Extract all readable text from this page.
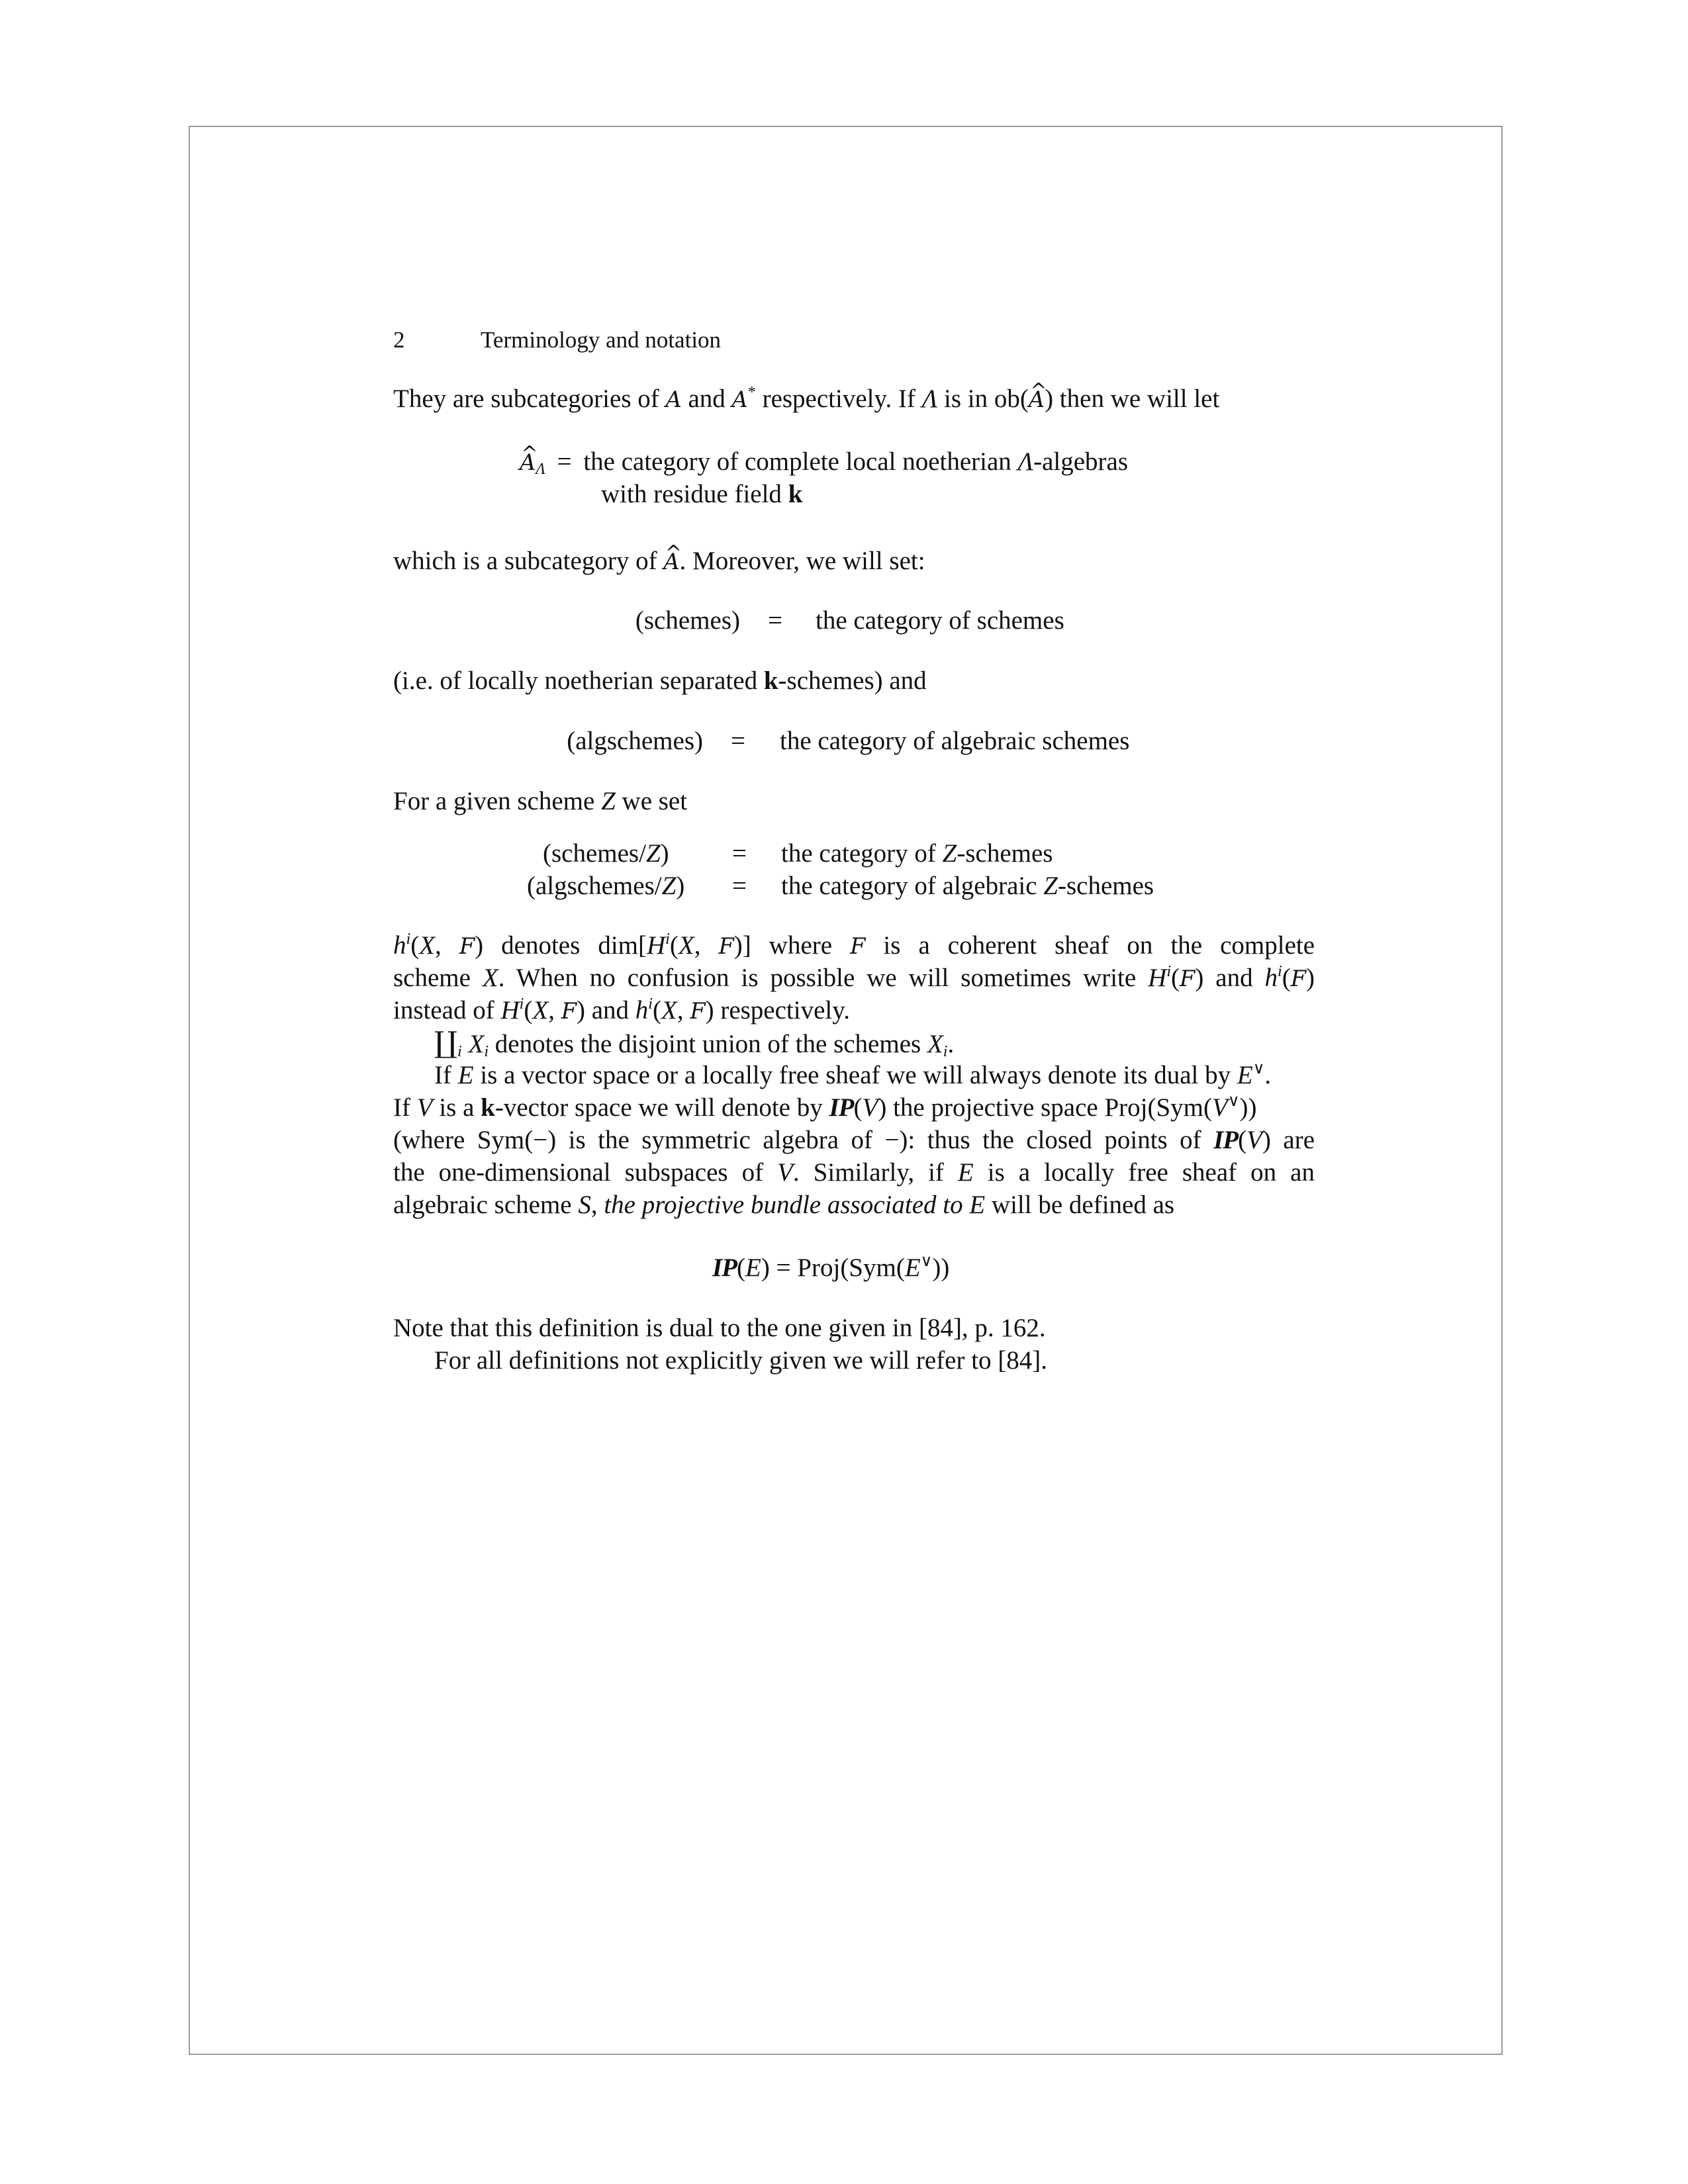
2	Terminology and notation
They are subcategories of A and A* respectively. If Λ is in ob(^ A) then we will let
^ $A_\Lambda$ = the category of complete local noetherian Λ-algebras
with residue field k
which is a subcategory of ^ A. Moreover, we will set:
(schemes) = the category of schemes
(i.e. of locally noetherian separated k-schemes) and
(algschemes) = the category of algebraic schemes
For a given scheme Z we set
(schemes/Z) = the category of Z-schemes
(algschemes/Z) = the category of algebraic Z-schemes
$h^i(X$, F) denotes $dim[H^i(X$, F)] where F is a coherent sheaf on the complete
scheme X. When no confusion is possible we will sometimes write $H^i(F)$ and $h^i(F)$
instead of $H^i(X$, F) and $h^i(X$, F) respectively.
$∐_i$ $X_i$ denotes the disjoint union of the schemes $X_i$.
If E is a vector space or a locally free sheaf we will always denote its dual by E∨.
If V is a k-vector space we will denote by IP(V) the projective space Proj(Sym(V∨))
(where Sym(−) is the symmetric algebra of −): thus the closed points of IP(V) are
the one-dimensional subspaces of V. Similarly, if E is a locally free sheaf on an
algebraic scheme S, the projective bundle associated to E will be defined as
IP(E) = Proj(Sym(E∨))
Note that this definition is dual to the one given in [84], p. 162.
For all definitions not explicitly given we will refer to [84].
